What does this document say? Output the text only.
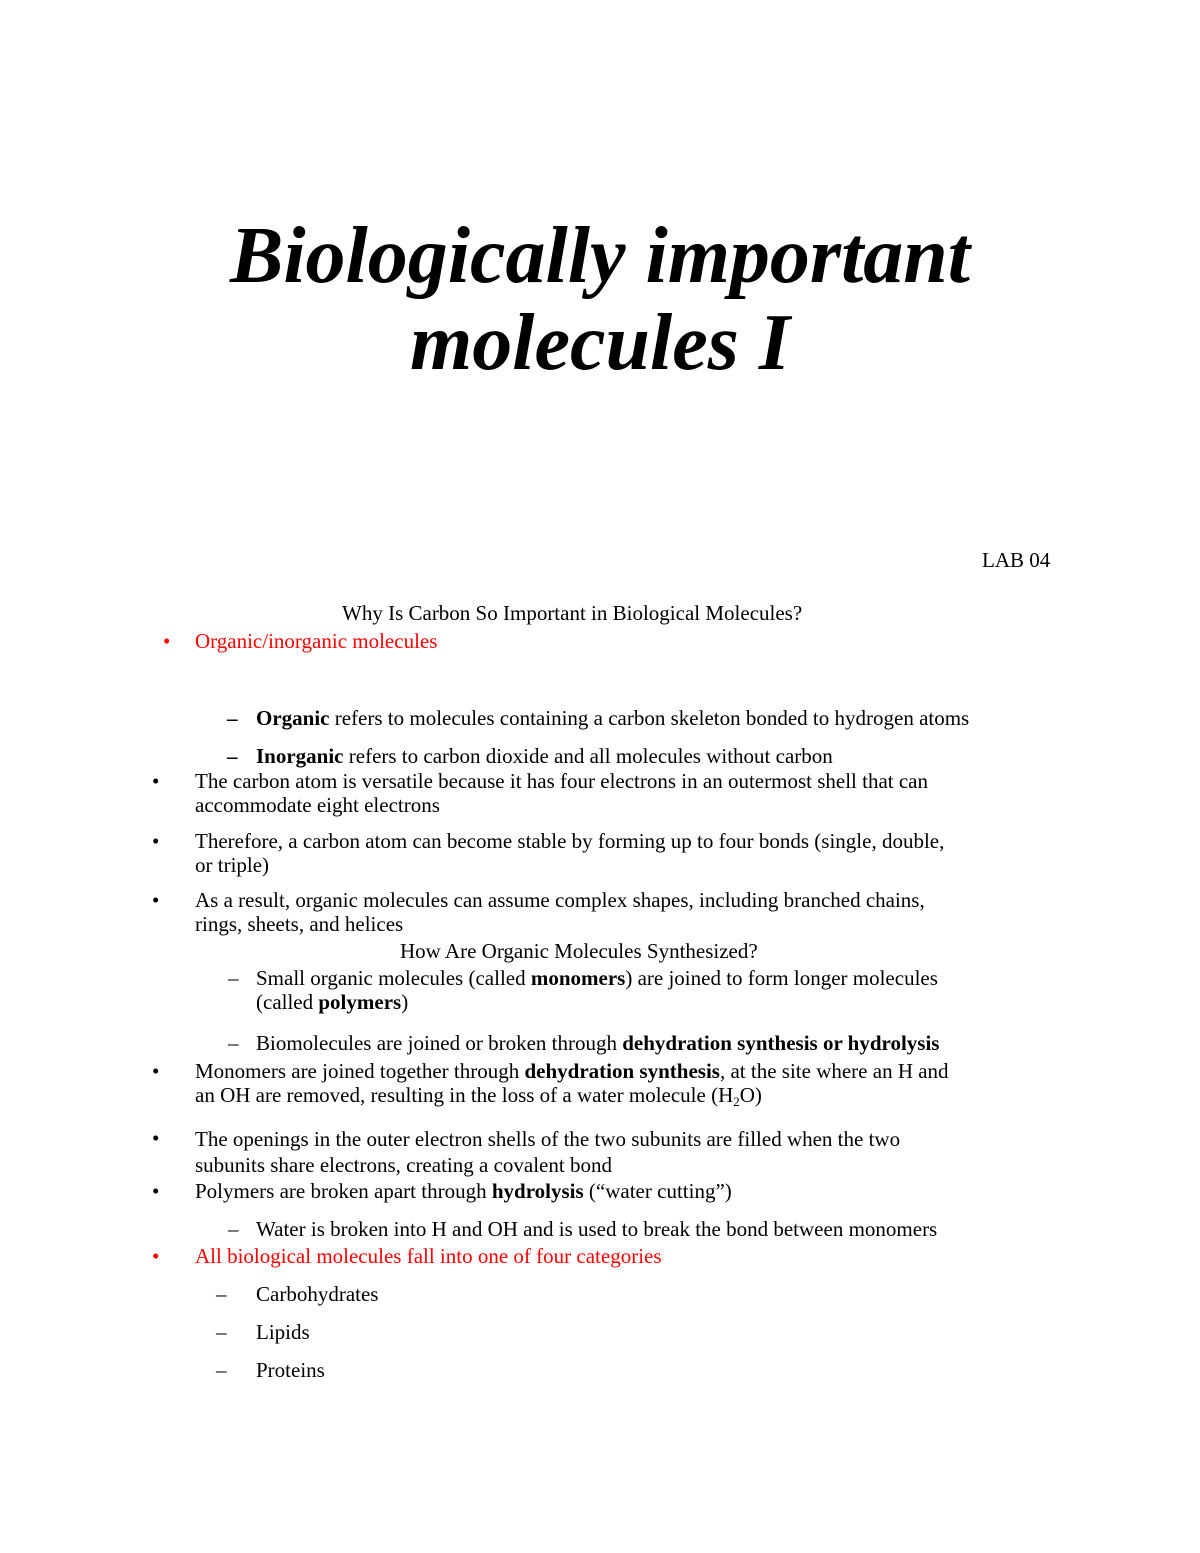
Biologically important
molecules I
LAB 04
Why Is Carbon So Important in Biological Molecules?
• Organic/inorganic molecules
– Organic refers to molecules containing a carbon skeleton bonded to hydrogen atoms
– Inorganic refers to carbon dioxide and all molecules without carbon
• The carbon atom is versatile because it has four electrons in an outermost shell that can
accommodate eight electrons
• Therefore, a carbon atom can become stable by forming up to four bonds (single, double,
or triple)
• As a result, organic molecules can assume complex shapes, including branched chains,
rings, sheets, and helices
How Are Organic Molecules Synthesized?
– Small organic molecules (called monomers) are joined to form longer molecules
(called polymers)
– Biomolecules are joined or broken through dehydration synthesis or hydrolysis
• Monomers are joined together through dehydration synthesis, at the site where an H and
an OH are removed, resulting in the loss of a water molecule $(H_2O)$
• The openings in the outer electron shells of the two subunits are filled when the two
subunits share electrons, creating a covalent bond
• Polymers are broken apart through hydrolysis (“water cutting”)
– Water is broken into H and OH and is used to break the bond between monomers
• All biological molecules fall into one of four categories
– Carbohydrates
– Lipids
– Proteins
